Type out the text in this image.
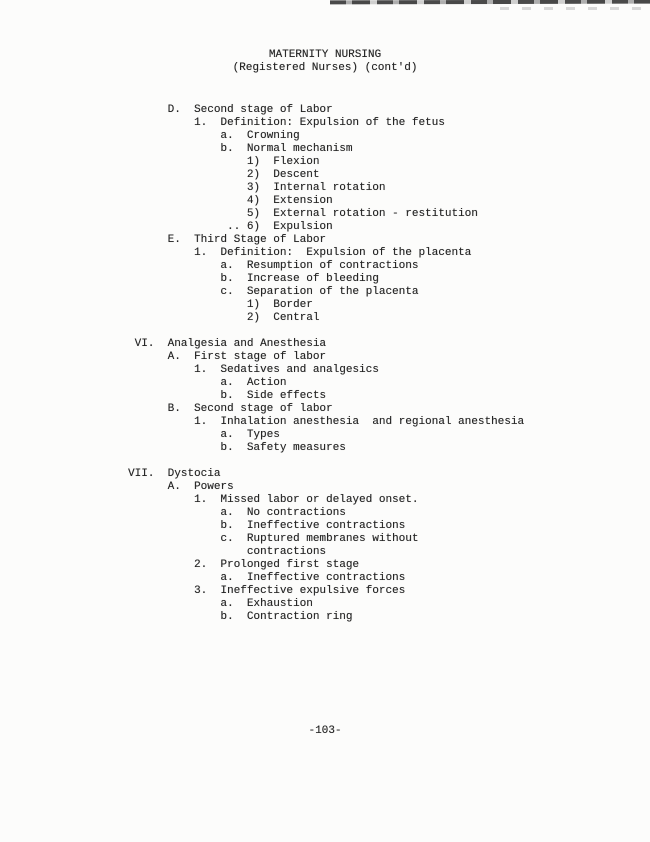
MATERNITY NURSING
(Registered Nurses) (cont'd)
D.  Second stage of Labor
1.  Definition: Expulsion of the fetus
a.  Crowning
b.  Normal mechanism
1)  Flexion
2)  Descent
3)  Internal rotation
4)  Extension
5)  External rotation - restitution
.. 6)  Expulsion
E.  Third Stage of Labor
1.  Definition:  Expulsion of the placenta
a.  Resumption of contractions
b.  Increase of bleeding
c.  Separation of the placenta
1)  Border
2)  Central

VI.  Analgesia and Anesthesia
A.  First stage of labor
1.  Sedatives and analgesics
a.  Action
b.  Side effects
B.  Second stage of labor
1.  Inhalation anesthesia  and regional anesthesia
a.  Types
b.  Safety measures

VII.  Dystocia
A.  Powers
1.  Missed labor or delayed onset.
a.  No contractions
b.  Ineffective contractions
c.  Ruptured membranes without
contractions
2.  Prolonged first stage
a.  Ineffective contractions
3.  Ineffective expulsive forces
a.  Exhaustion
b.  Contraction ring
-103-
